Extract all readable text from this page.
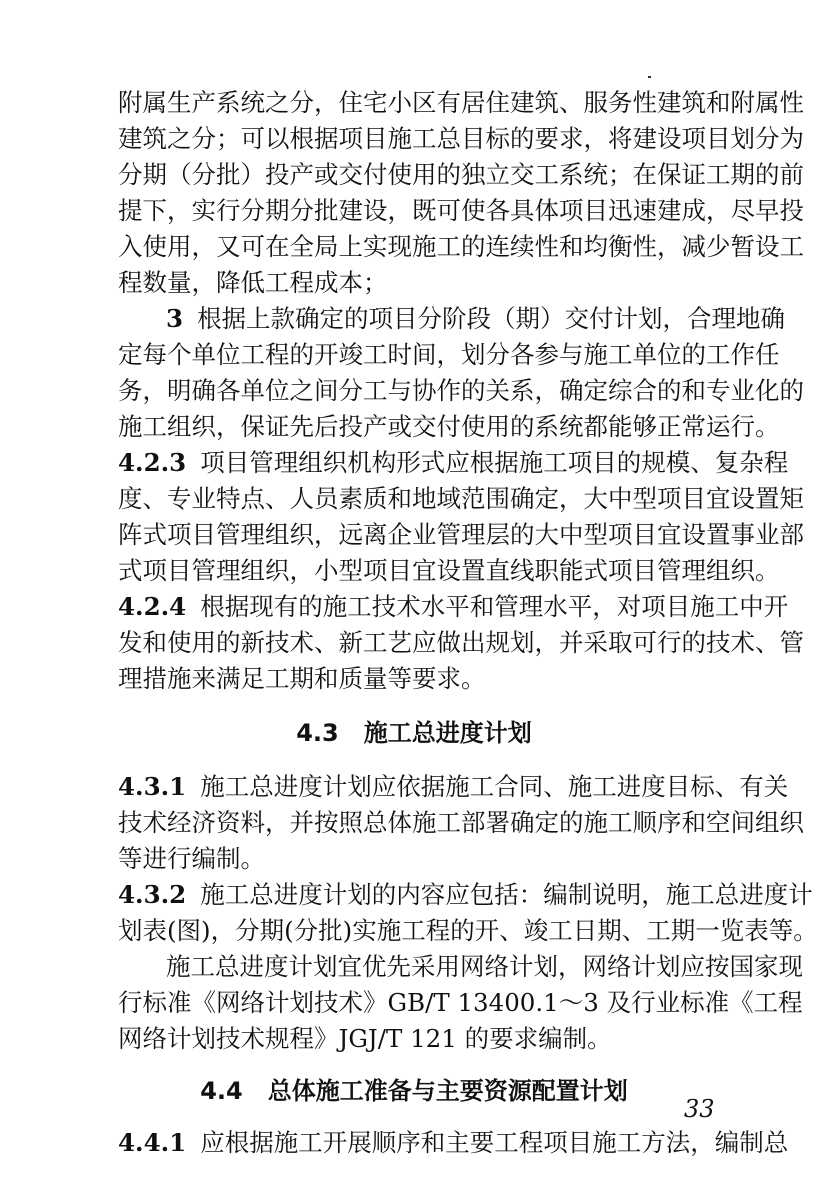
附属生产系统之分，住宅小区有居住建筑、服务性建筑和附属性
建筑之分；可以根据项目施工总目标的要求，将建设项目划分为
分期（分批）投产或交付使用的独立交工系统；在保证工期的前
提下，实行分期分批建设，既可使各具体项目迅速建成，尽早投
入使用，又可在全局上实现施工的连续性和均衡性，减少暂设工
程数量，降低工程成本；
3 根据上款确定的项目分阶段（期）交付计划，合理地确
定每个单位工程的开竣工时间，划分各参与施工单位的工作任
务，明确各单位之间分工与协作的关系，确定综合的和专业化的
施工组织，保证先后投产或交付使用的系统都能够正常运行。
4.2.3 项目管理组织机构形式应根据施工项目的规模、复杂程
度、专业特点、人员素质和地域范围确定，大中型项目宜设置矩
阵式项目管理组织，远离企业管理层的大中型项目宜设置事业部
式项目管理组织，小型项目宜设置直线职能式项目管理组织。
4.2.4 根据现有的施工技术水平和管理水平，对项目施工中开
发和使用的新技术、新工艺应做出规划，并采取可行的技术、管
理措施来满足工期和质量等要求。
4.3 施工总进度计划
4.3.1 施工总进度计划应依据施工合同、施工进度目标、有关
技术经济资料，并按照总体施工部署确定的施工顺序和空间组织
等进行编制。
4.3.2 施工总进度计划的内容应包括：编制说明，施工总进度计
划表(图)，分期(分批)实施工程的开、竣工日期、工期一览表等。
施工总进度计划宜优先采用网络计划，网络计划应按国家现
行标准《网络计划技术》GB/T 13400.1～3 及行业标准《工程
网络计划技术规程》JGJ/T 121 的要求编制。
4.4 总体施工准备与主要资源配置计划
4.4.1 应根据施工开展顺序和主要工程项目施工方法，编制总
33
